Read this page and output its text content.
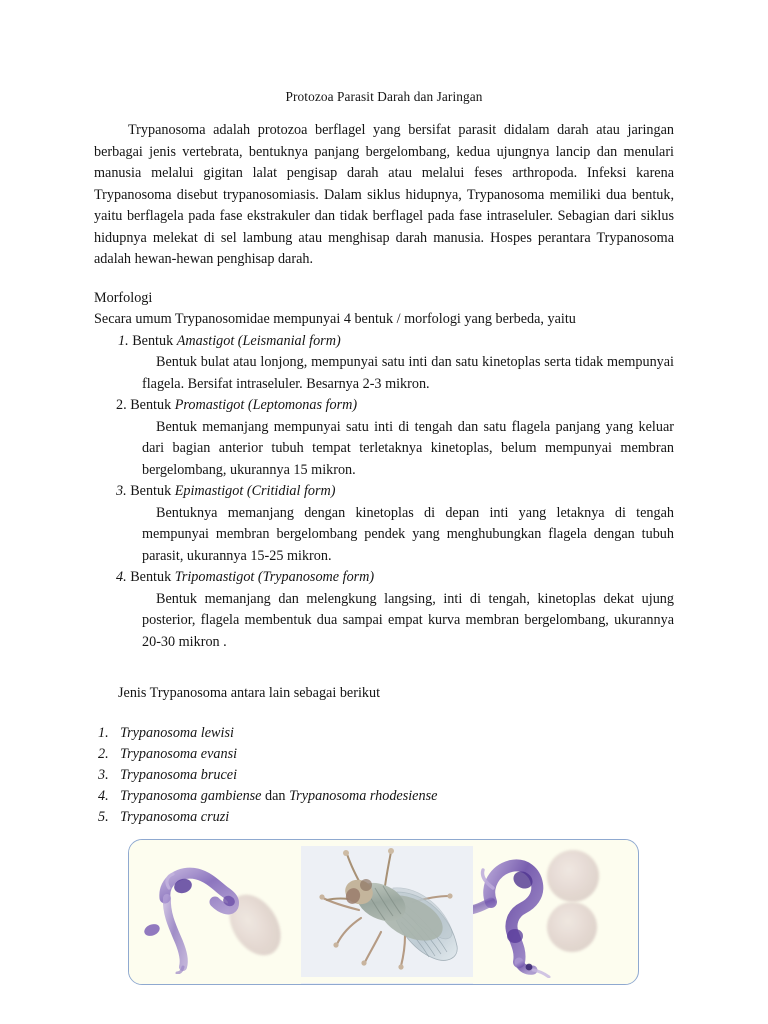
Protozoa Parasit Darah dan Jaringan

Trypanosoma adalah protozoa berflagel yang bersifat parasit didalam darah atau jaringan berbagai jenis vertebrata, bentuknya panjang bergelombang, kedua ujungnya lancip dan menulari manusia melalui gigitan lalat pengisap darah atau melalui feses arthropoda. Infeksi karena Trypanosoma disebut trypanosomiasis. Dalam siklus hidupnya, Trypanosoma memiliki dua bentuk, yaitu berflagela pada fase ekstrakuler dan tidak berflagel pada fase intraseluler. Sebagian dari siklus hidupnya melekat di sel lambung atau menghisap darah manusia. Hospes perantara Trypanosoma adalah hewan-hewan penghisap darah.

Morfologi
Secara umum Trypanosomidae mempunyai 4 bentuk / morfologi yang berbeda, yaitu
1. Bentuk Amastigot (Leismanial form)
Bentuk bulat atau lonjong, mempunyai satu inti dan satu kinetoplas serta tidak mempunyai flagela. Bersifat intraseluler. Besarnya 2-3 mikron.
2. Bentuk Promastigot (Leptomonas form)
Bentuk memanjang mempunyai satu inti di tengah dan satu flagela panjang yang keluar dari bagian anterior tubuh tempat terletaknya kinetoplas, belum mempunyai membran bergelombang, ukurannya 15 mikron.
3. Bentuk Epimastigot (Critidial form)
Bentuknya memanjang dengan kinetoplas di depan inti yang letaknya di tengah mempunyai membran bergelombang pendek yang menghubungkan flagela dengan tubuh parasit, ukurannya 15-25 mikron.
4. Bentuk Tripomastigot (Trypanosome form)
Bentuk memanjang dan melengkung langsing, inti di tengah, kinetoplas dekat ujung posterior, flagela membentuk dua sampai empat kurva membran bergelombang, ukurannya 20-30 mikron .
Jenis Trypanosoma antara lain sebagai berikut
1. Trypanosoma lewisi
2. Trypanosoma evansi
3. Trypanosoma brucei
4. Trypanosoma gambiense dan Trypanosoma rhodesiense
5. Trypanosoma cruzi
